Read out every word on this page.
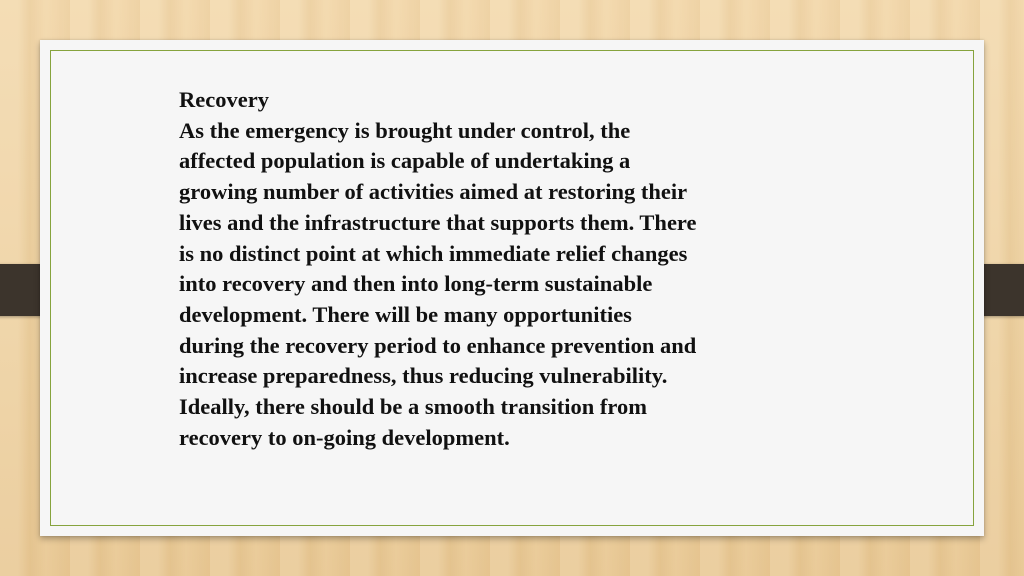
Recovery
As the emergency is brought under control, the
affected population is capable of undertaking a
growing number of activities aimed at restoring their
lives and the infrastructure that supports them. There
is no distinct point at which immediate relief changes
into recovery and then into long-term sustainable
development. There will be many opportunities
during the recovery period to enhance prevention and
increase preparedness, thus reducing vulnerability.
Ideally, there should be a smooth transition from
recovery to on-going development.
